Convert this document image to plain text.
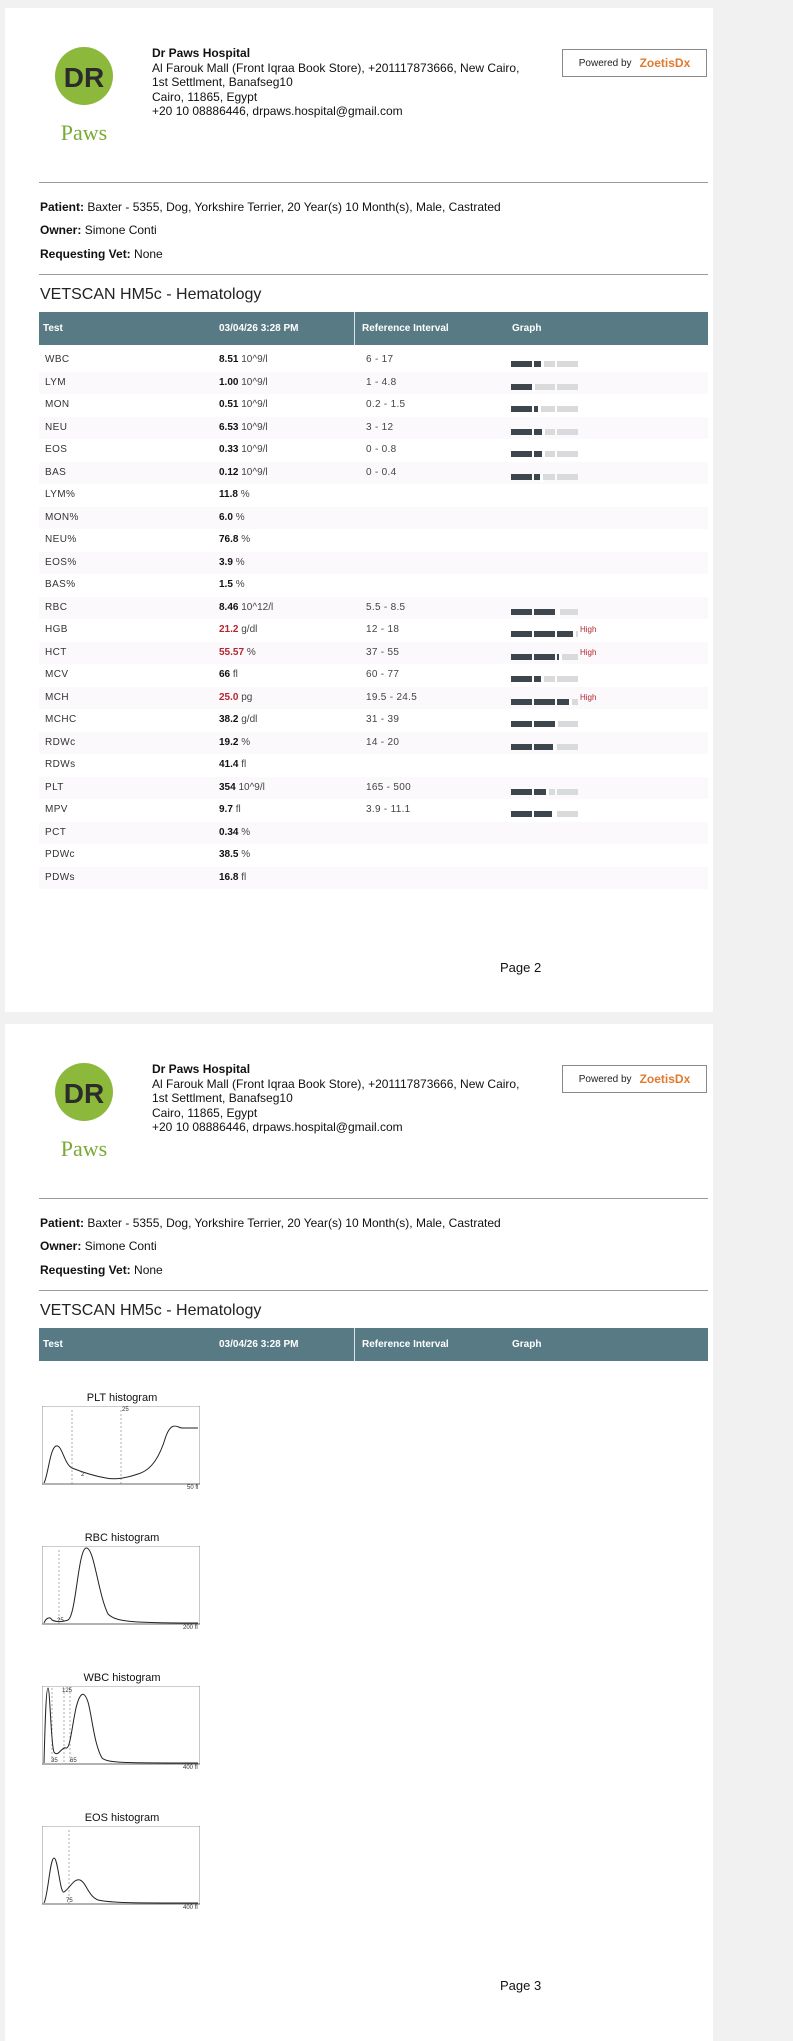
DR
Paws
Dr Paws Hospital
Al Farouk Mall (Front Iqraa Book Store), +201117873666, New Cairo,
1st Settlment, Banafseg10
Cairo, 11865, Egypt
+20 10 08886446, drpaws.hospital@gmail.com
Powered by ZoetisDx
Patient: Baxter - 5355, Dog, Yorkshire Terrier, 20 Year(s) 10 Month(s), Male, Castrated
Owner: Simone Conti
Requesting Vet: None
VETSCAN HM5c - Hematology
Test	03/04/26 3:28 PM	Reference Interval	Graph
WBC	8.51 10^9/l	6 - 17
LYM	1.00 10^9/l	1 - 4.8
MON	0.51 10^9/l	0.2 - 1.5
NEU	6.53 10^9/l	3 - 12
EOS	0.33 10^9/l	0 - 0.8
BAS	0.12 10^9/l	0 - 0.4
LYM%	11.8 %
MON%	6.0 %
NEU%	76.8 %
EOS%	3.9 %
BAS%	1.5 %
RBC	8.46 10^12/l	5.5 - 8.5
HGB	21.2 g/dl	12 - 18	High
HCT	55.57 %	37 - 55	High
MCV	66 fl	60 - 77
MCH	25.0 pg	19.5 - 24.5	High
MCHC	38.2 g/dl	31 - 39
RDWc	19.2 %	14 - 20
RDWs	41.4 fl
PLT	354 10^9/l	165 - 500
MPV	9.7 fl	3.9 - 11.1
PCT	0.34 %
PDWc	38.5 %
PDWs	16.8 fl
Page 2
DR
Paws
Dr Paws Hospital
Al Farouk Mall (Front Iqraa Book Store), +201117873666, New Cairo,
1st Settlment, Banafseg10
Cairo, 11865, Egypt
+20 10 08886446, drpaws.hospital@gmail.com
Powered by ZoetisDx
Patient: Baxter - 5355, Dog, Yorkshire Terrier, 20 Year(s) 10 Month(s), Male, Castrated
Owner: Simone Conti
Requesting Vet: None
VETSCAN HM5c - Hematology
Test	03/04/26 3:28 PM	Reference Interval	Graph
PLT histogram
2
25
50 fl
RBC histogram
25
200 fl
WBC histogram
35
125
65
400 fl
EOS histogram
75
400 fl
Page 3
